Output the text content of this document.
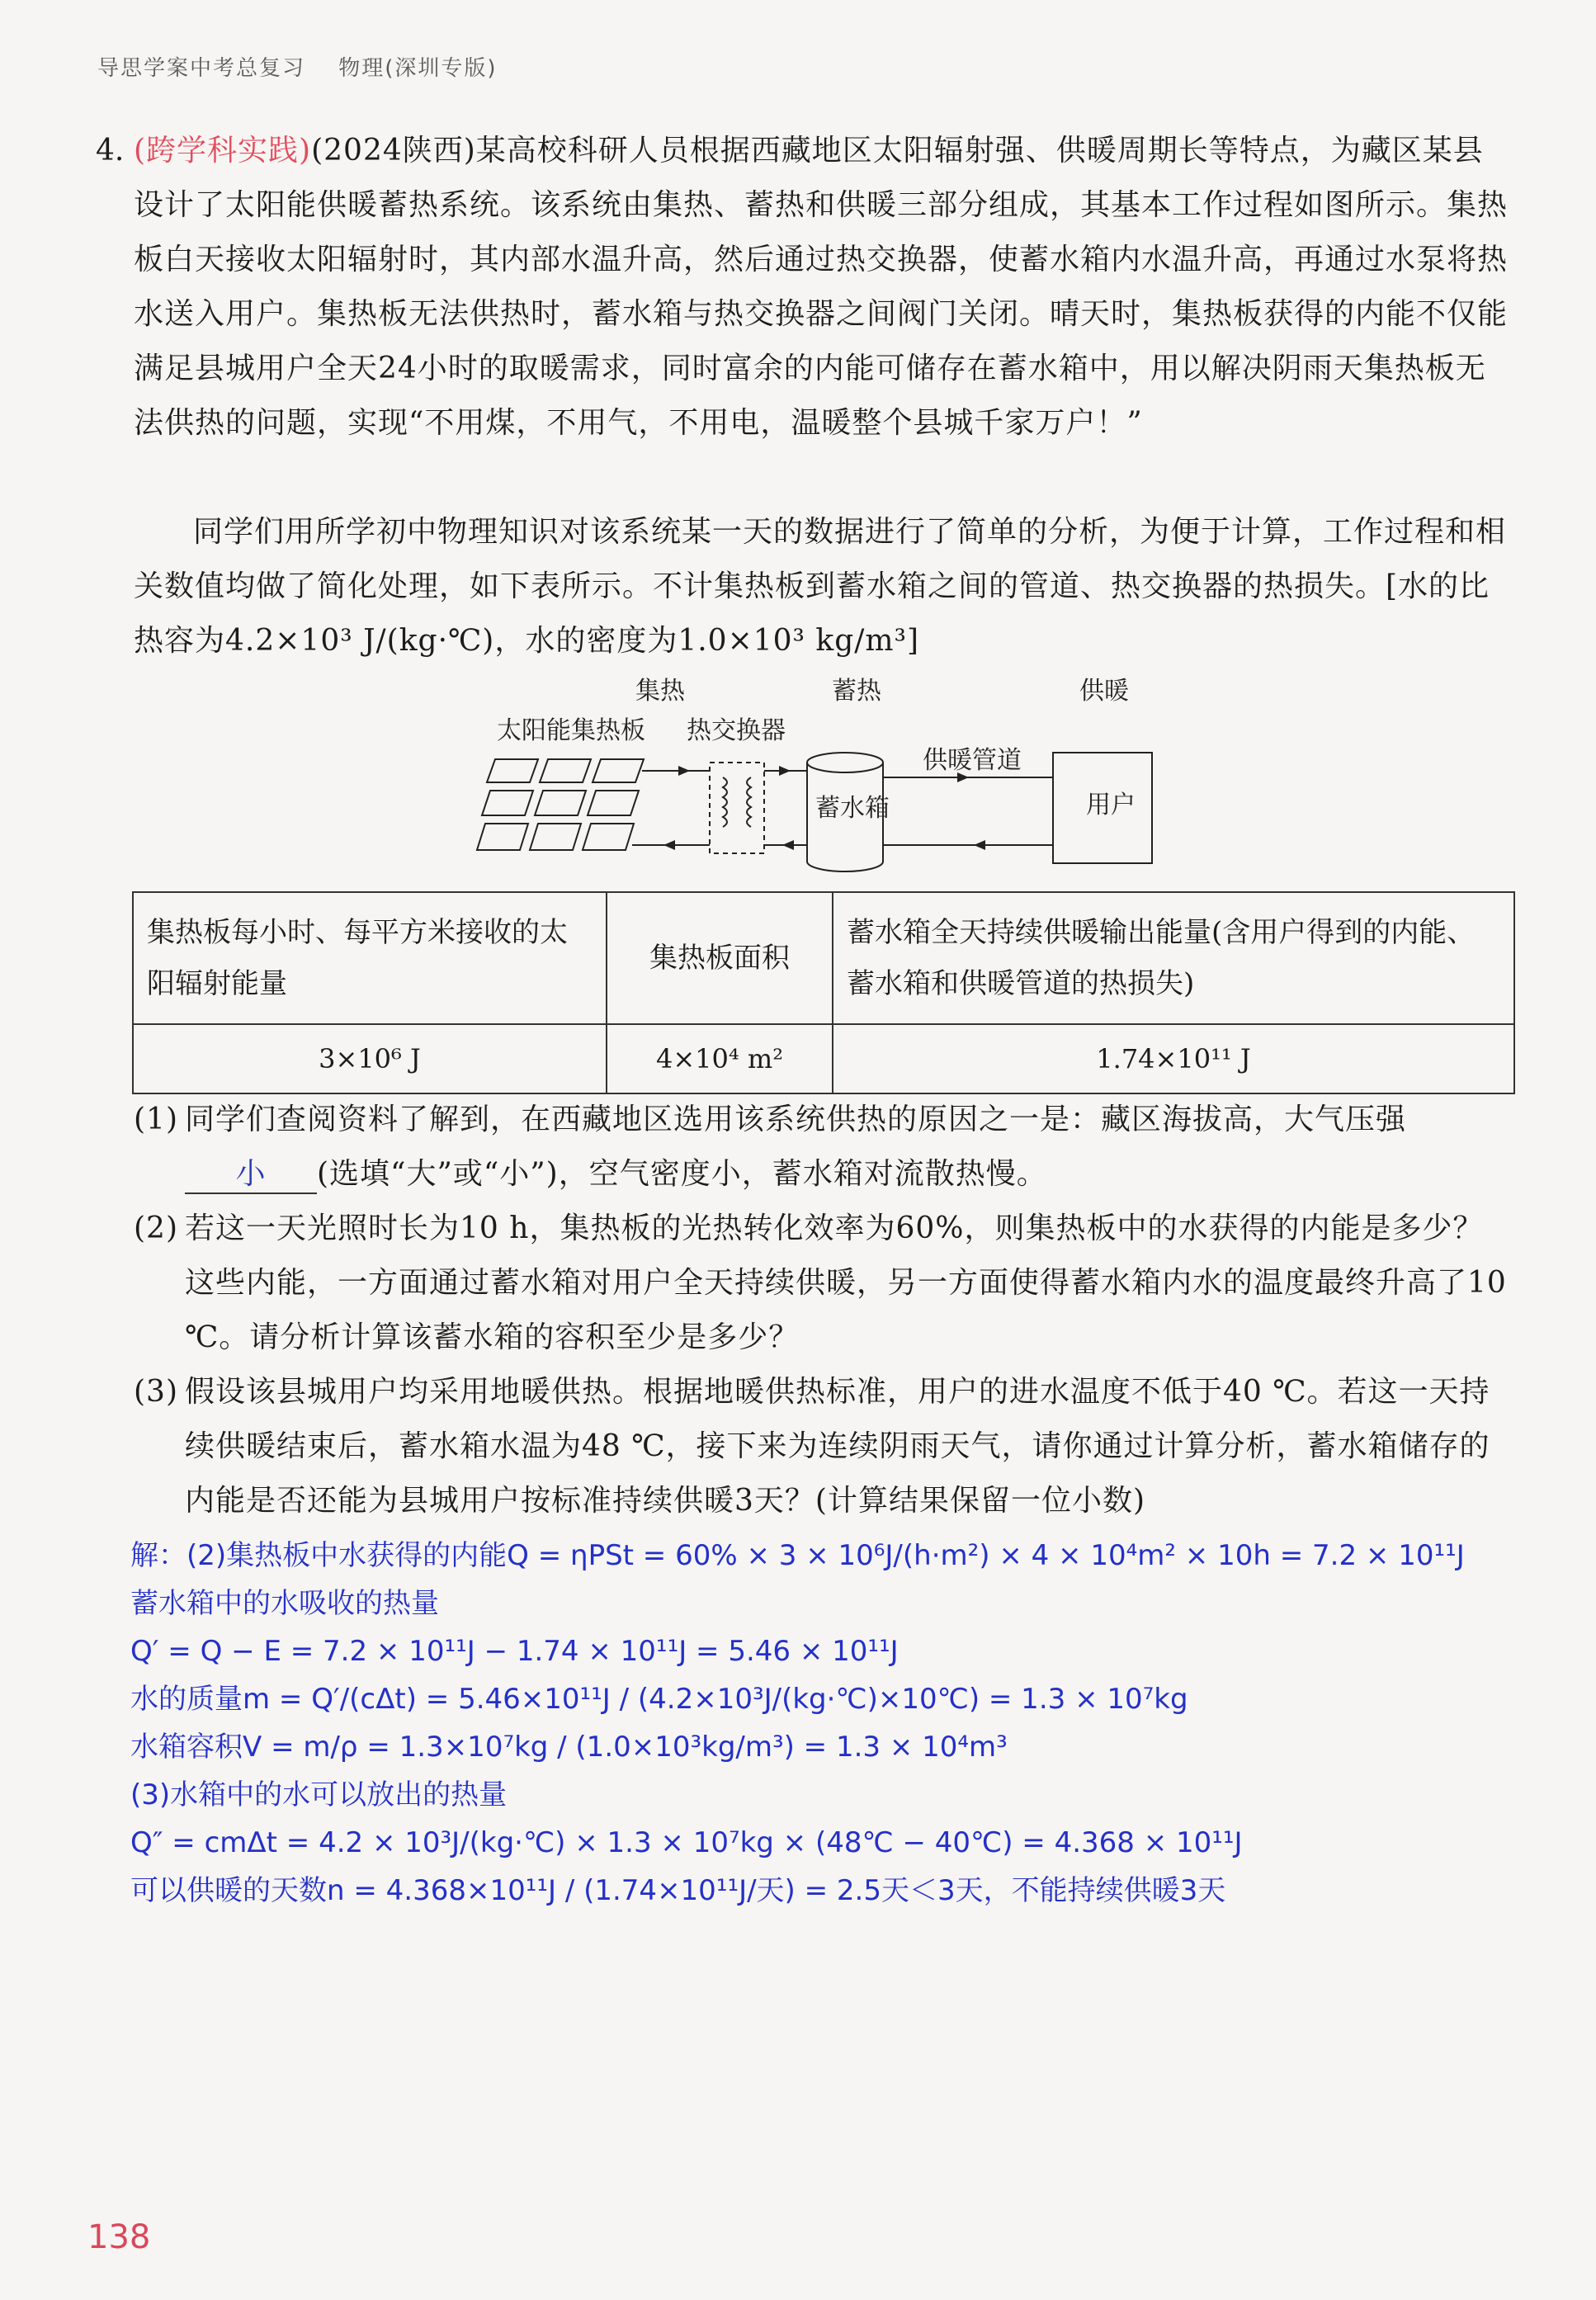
导思学案中考总复习 物理(深圳专版)
4. (跨学科实践)(2024陕西)某高校科研人员根据西藏地区太阳辐射强、供暖周期长等特点，为藏区某县设计了太阳能供暖蓄热系统。该系统由集热、蓄热和供暖三部分组成，其基本工作过程如图所示。集热板白天接收太阳辐射时，其内部水温升高，然后通过热交换器，使蓄水箱内水温升高，再通过水泵将热水送入用户。集热板无法供热时，蓄水箱与热交换器之间阀门关闭。晴天时，集热板获得的内能不仅能满足县城用户全天24小时的取暖需求，同时富余的内能可储存在蓄水箱中，用以解决阴雨天集热板无法供热的问题，实现“不用煤，不用气，不用电，温暖整个县城千家万户！”
同学们用所学初中物理知识对该系统某一天的数据进行了简单的分析，为便于计算，工作过程和相关数值均做了简化处理，如下表所示。不计集热板到蓄水箱之间的管道、热交换器的热损失。[水的比热容为4.2×10³ J/(kg·℃)，水的密度为1.0×10³ kg/m³]
集热	蓄热	供暖
太阳能集热板 热交换器
供暖管道
蓄水箱	用户
集热板每小时、每平方米接收的太阳辐射能量	集热板面积	蓄水箱全天持续供暖输出能量(含用户得到的内能、蓄水箱和供暖管道的热损失)
3×10⁶ J	4×10⁴ m²	1.74×10¹¹ J
(1) 同学们查阅资料了解到，在西藏地区选用该系统供热的原因之一是：藏区海拔高，大气压强
小 (选填“大”或“小”)，空气密度小，蓄水箱对流散热慢。
(2) 若这一天光照时长为10 h，集热板的光热转化效率为60%，则集热板中的水获得的内能是多少？这些内能，一方面通过蓄水箱对用户全天持续供暖，另一方面使得蓄水箱内水的温度最终升高了10 ℃。请分析计算该蓄水箱的容积至少是多少？
(3) 假设该县城用户均采用地暖供热。根据地暖供热标准，用户的进水温度不低于40 ℃。若这一天持续供暖结束后，蓄水箱水温为48 ℃，接下来为连续阴雨天气，请你通过计算分析，蓄水箱储存的内能是否还能为县城用户按标准持续供暖3天？(计算结果保留一位小数)
解：(2)集热板中水获得的内能Q = ηPSt = 60% × 3 × 10⁶J/(h·m²) × 4 × 10⁴m² × 10h = 7.2 × 10¹¹J
蓄水箱中的水吸收的热量
Q′ = Q − E = 7.2 × 10¹¹J − 1.74 × 10¹¹J = 5.46 × 10¹¹J
水的质量m = Q′/(cΔt) = 5.46×10¹¹J / (4.2×10³J/(kg·℃)×10℃) = 1.3 × 10⁷kg
水箱容积V = m/ρ = 1.3×10⁷kg / (1.0×10³kg/m³) = 1.3 × 10⁴m³
(3)水箱中的水可以放出的热量
Q″ = cmΔt = 4.2 × 10³J/(kg·℃) × 1.3 × 10⁷kg × (48℃ − 40℃) = 4.368 × 10¹¹J
可以供暖的天数n = 4.368×10¹¹J / (1.74×10¹¹J/天) = 2.5天＜3天，不能持续供暖3天
138
